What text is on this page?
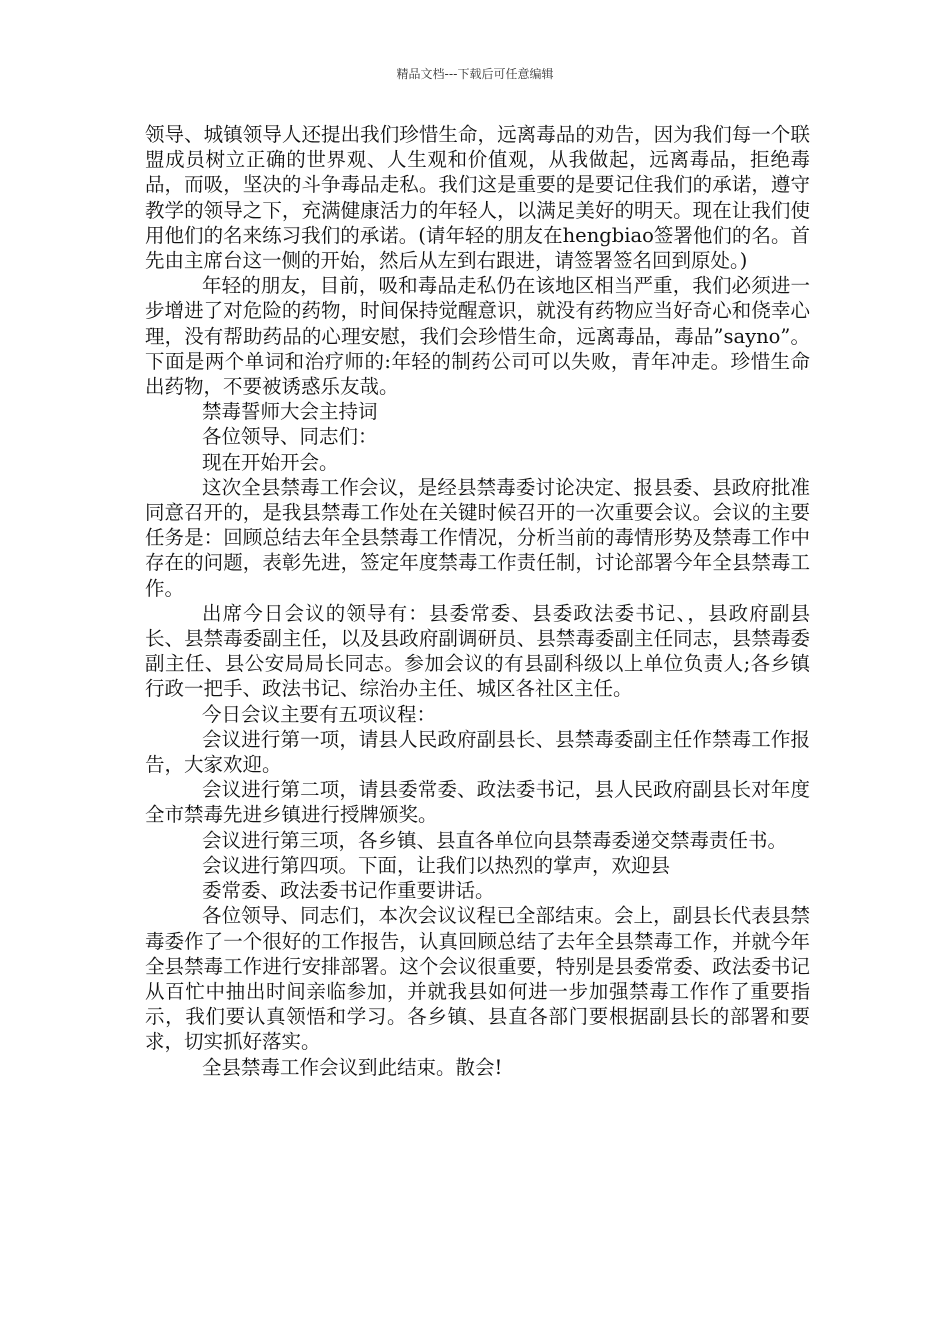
精品文档---下载后可任意编辑

领导、城镇领导人还提出我们珍惜生命，远离毒品的劝告，因为我们每一个联盟成员树立正确的世界观、人生观和价值观，从我做起，远离毒品，拒绝毒品，而吸，坚决的斗争毒品走私。我们这是重要的是要记住我们的承诺，遵守教学的领导之下，充满健康活力的年轻人，以满足美好的明天。现在让我们使用他们的名来练习我们的承诺。(请年轻的朋友在hengbiao签署他们的名。首先由主席台这一侧的开始，然后从左到右跟进，请签署签名回到原处。)

年轻的朋友，目前，吸和毒品走私仍在该地区相当严重，我们必须进一步增进了对危险的药物，时间保持觉醒意识，就没有药物应当好奇心和侥幸心理，没有帮助药品的心理安慰，我们会珍惜生命，远离毒品，毒品”sayno”。下面是两个单词和治疗师的:年轻的制药公司可以失败，青年冲走。珍惜生命出药物，不要被诱惑乐友哉。

禁毒誓师大会主持词

各位领导、同志们：

现在开始开会。

这次全县禁毒工作会议，是经县禁毒委讨论决定、报县委、县政府批准同意召开的，是我县禁毒工作处在关键时候召开的一次重要会议。会议的主要任务是：回顾总结去年全县禁毒工作情况，分析当前的毒情形势及禁毒工作中存在的问题，表彰先进，签定年度禁毒工作责任制，讨论部署今年全县禁毒工作。

出席今日会议的领导有：县委常委、县委政法委书记、，县政府副县长、县禁毒委副主任，以及县政府副调研员、县禁毒委副主任同志，县禁毒委副主任、县公安局局长同志。参加会议的有县副科级以上单位负责人;各乡镇行政一把手、政法书记、综治办主任、城区各社区主任。

今日会议主要有五项议程：

会议进行第一项，请县人民政府副县长、县禁毒委副主任作禁毒工作报告，大家欢迎。

会议进行第二项，请县委常委、政法委书记，县人民政府副县长对年度全市禁毒先进乡镇进行授牌颁奖。

会议进行第三项，各乡镇、县直各单位向县禁毒委递交禁毒责任书。

会议进行第四项。下面，让我们以热烈的掌声，欢迎县

委常委、政法委书记作重要讲话。

各位领导、同志们，本次会议议程已全部结束。会上，副县长代表县禁毒委作了一个很好的工作报告，认真回顾总结了去年全县禁毒工作，并就今年全县禁毒工作进行安排部署。这个会议很重要，特别是县委常委、政法委书记从百忙中抽出时间亲临参加，并就我县如何进一步加强禁毒工作作了重要指示，我们要认真领悟和学习。各乡镇、县直各部门要根据副县长的部署和要求，切实抓好落实。

全县禁毒工作会议到此结束。散会!
